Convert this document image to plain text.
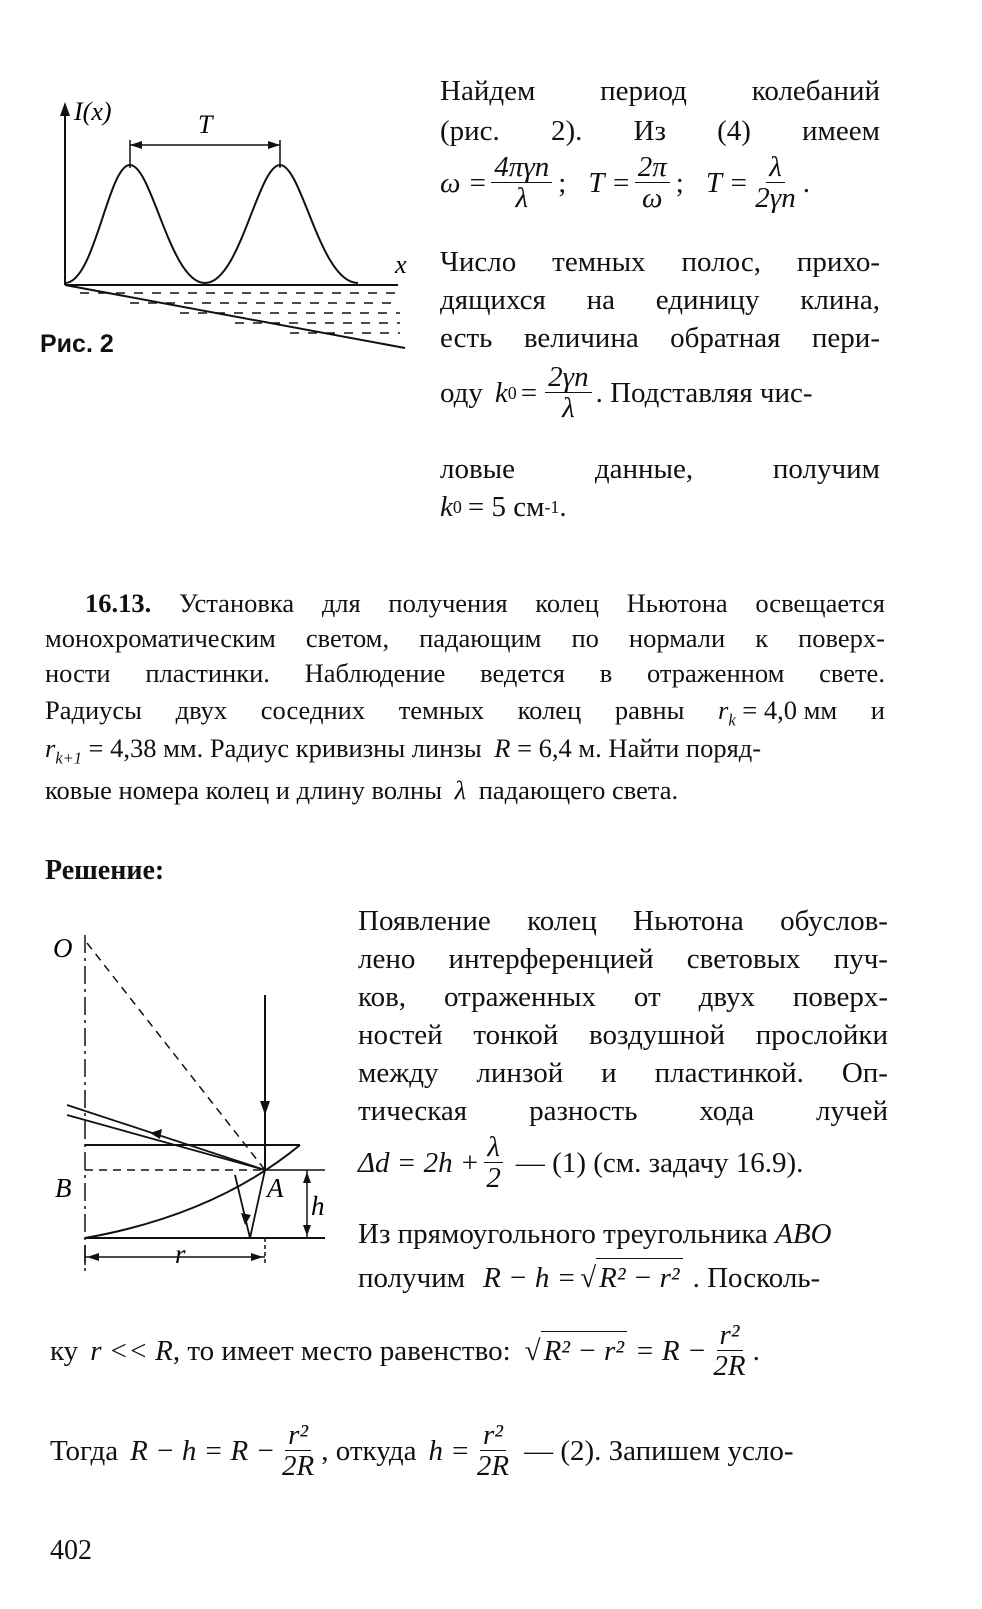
I(x)
x
T
Рис. 2
Найдем период колебаний
(рис. 2). Из (4) имеем
$\omega = \frac{\text{4πγn}}{\lambda}$ ; $T = \frac{2\pi}{\omega}$ ; $T = \frac{\lambda}{2\gamma n}$ .
Число темных полос, прихо-
дящихся на единицу клина,
есть величина обратная пери-
оду k $0 = \frac{2\gamma n}{\lambda}$ . Подставляя чис-
ловые	данные,	получим
k 0 = 5 см -1 .
16.13. Установка для получения колец Ньютона освещается
монохроматическим светом, падающим по нормали к поверх-
ности пластинки. Наблюдение ведется в отраженном свете.
Радиусы двух соседних темных колец равны $r_k = 4,0$ мм и
$r_{k+1} = 4,38$ мм. Радиус кривизны линзы R = 6,4 м. Найти поряд-
ковые номера колец и длину волны λ падающего света.
Решение:
O
B	A
h
r
Появление колец Ньютона обуслов-
лено интерференцией световых пуч-
ков, отраженных от двух поверх-
ностей тонкой воздушной прослойки
между линзой и пластинкой. Оп-
тическая разность хода лучей
$\Delta d = 2h + \frac{\lambda}{2}$ — (1) (см. задачу 16.9).
Из прямоугольного треугольника ABO
получим R − h = √ R² − r² . Посколь-
ку r << R , то имеет место равенство: √ $R^2 - r^2 = R - \frac{\text{r²}}{2R}$ .
Тогда $R - h = R - \frac{\text{r²}}{2R}$ , откуда $h = \frac{\text{r²}}{2R}$ — (2). Запишем усло-
402
